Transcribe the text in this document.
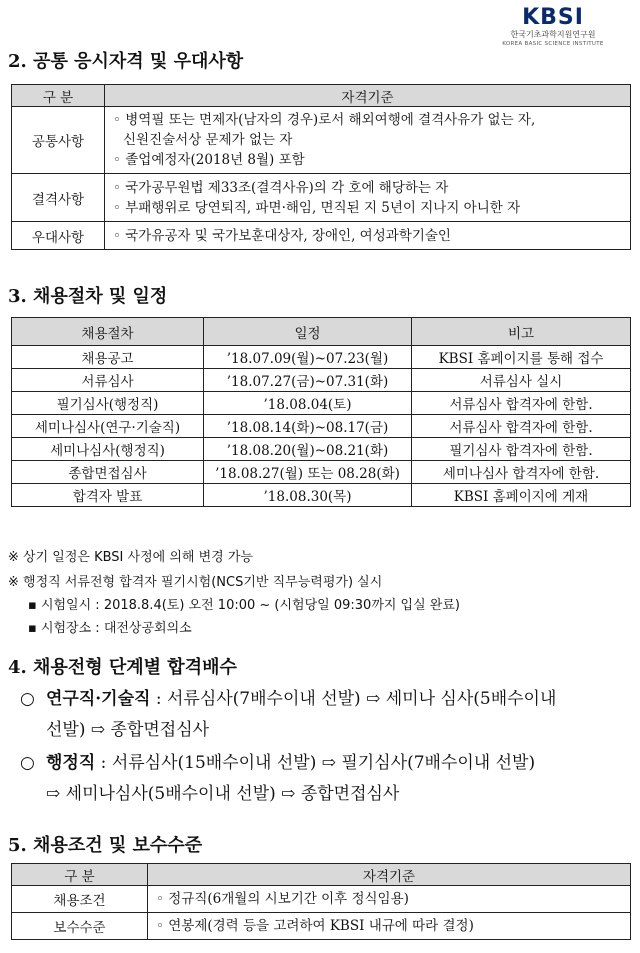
KBSI
한국기초과학지원연구원
KOREA BASIC SCIENCE INSTITUTE
2. 공통 응시자격 및 우대사항
구 분	자격기준
공통사항	◦ 병역필 또는 면제자(남자의 경우)로서 해외여행에 결격사유가 없는 자,
신원진술서상 문제가 없는 자
◦ 졸업예정자(2018년 8월) 포함

결격사항	◦ 국가공무원법 제33조(결격사유)의 각 호에 해당하는 자
◦ 부패행위로 당연퇴직, 파면·해임, 면직된 지 5년이 지나지 아니한 자

우대사항	◦ 국가유공자 및 국가보훈대상자, 장애인, 여성과학기술인
3. 채용절차 및 일정
채용절차	일정	비고
채용공고	’18.07.09(월)~07.23(월)	KBSI 홈페이지를 통해 접수
서류심사	’18.07.27(금)~07.31(화)	서류심사 실시
필기심사(행정직)	’18.08.04(토)	서류심사 합격자에 한함.
세미나심사(연구·기술직)	’18.08.14(화)~08.17(금)	서류심사 합격자에 한함.
세미나심사(행정직)	’18.08.20(월)~08.21(화)	필기심사 합격자에 한함.
종합면접심사	’18.08.27(월) 또는 08.28(화)	세미나심사 합격자에 한함.
합격자 발표	’18.08.30(목)	KBSI 홈페이지에 게재
※ 상기 일정은 KBSI 사정에 의해 변경 가능
※ 행정직 서류전형 합격자 필기시험(NCS기반 직무능력평가) 실시
▪ 시험일시 : 2018.8.4(토) 오전 10:00 ~ (시험당일 09:30까지 입실 완료)
▪ 시험장소 : 대전상공회의소
4. 채용전형 단계별 합격배수
○ 연구직·기술직 : 서류심사(7배수이내 선발) ⇨ 세미나 심사(5배수이내
선발) ⇨ 종합면접심사
○ 행정직 : 서류심사(15배수이내 선발) ⇨ 필기심사(7배수이내 선발)
⇨ 세미나심사(5배수이내 선발) ⇨ 종합면접심사
5. 채용조건 및 보수수준
구 분	자격기준
채용조건	◦ 정규직(6개월의 시보기간 이후 정식임용)
보수수준	◦ 연봉제(경력 등을 고려하여 KBSI 내규에 따라 결정)
